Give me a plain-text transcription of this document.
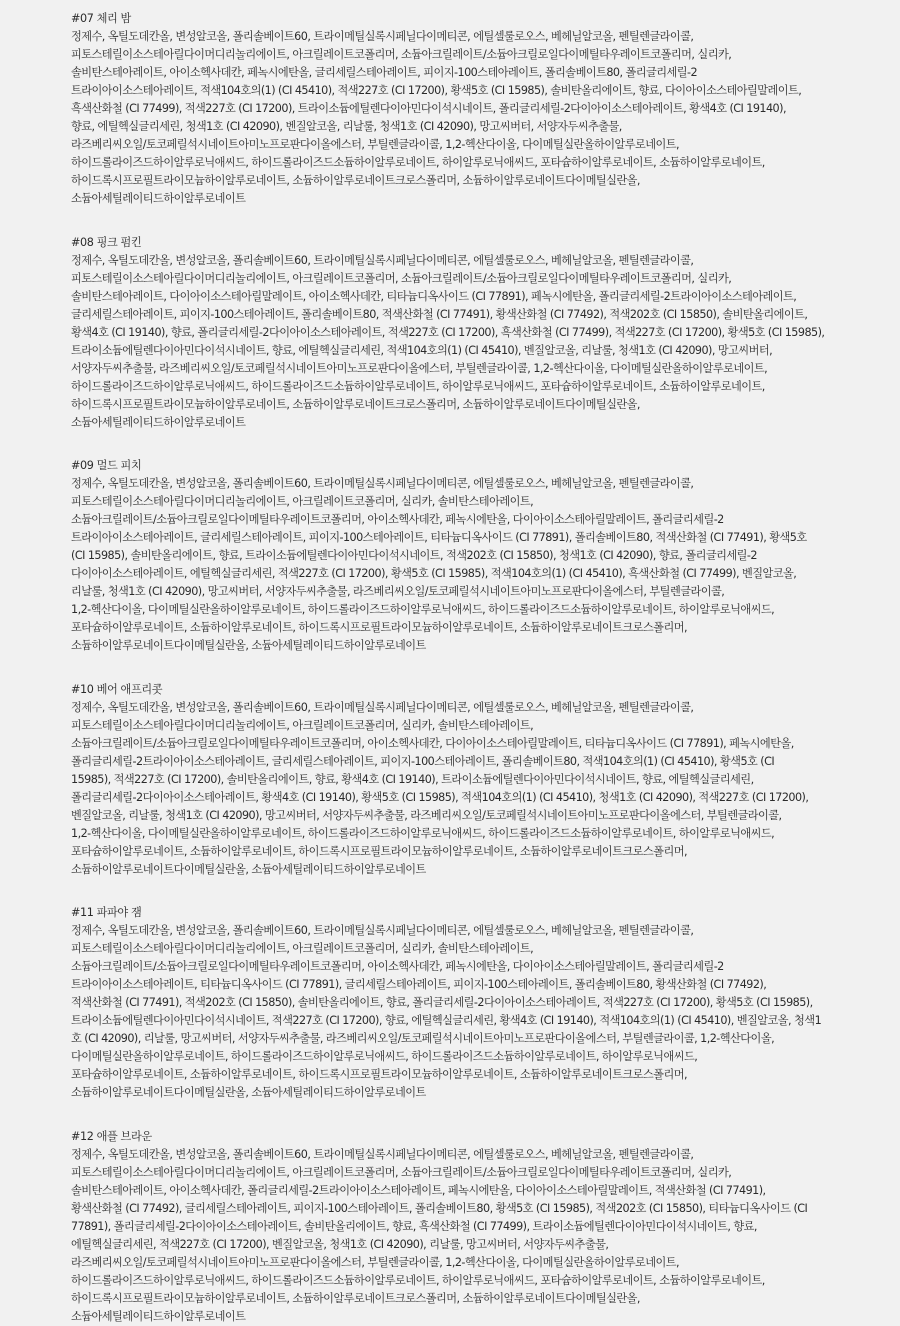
#07 체리 밤

정제수, 옥틸도데칸올, 변성알코올, 폴리솔베이트60, 트라이메틸실록시페닐다이메티콘, 에틸셀룰로오스, 베헤닐알코올, 펜틸렌글라이콜,

피토스테릴이소스테아릴다이머디리놀리에이트, 아크릴레이트코폴리머, 소듐아크릴레이트/소듐아크릴로일다이메틸타우레이트코폴리머, 실리카,

솔비탄스테아레이트, 아이소헥사데칸, 페녹시에탄올, 글리세릴스테아레이트, 피이지-100스테아레이트, 폴리솔베이트80, 폴리글리세릴-2

트라이아이소스테아레이트, 적색104호의(1) (CI 45410), 적색227호 (CI 17200), 황색5호 (CI 15985), 솔비탄올리에이트, 향료, 다이아이소스테아릴말레이트,

흑색산화철 (CI 77499), 적색227호 (CI 17200), 트라이소듐에틸렌다이아민다이석시네이트, 폴리글리세릴-2다이아이소스테아레이트, 황색4호 (CI 19140),

향료, 에틸헥실글리세린, 청색1호 (CI 42090), 벤질알코올, 리날룰, 청색1호 (CI 42090), 망고씨버터, 서양자두씨추출물,

라즈베리씨오일/토코페릴석시네이트아미노프로판다이올에스터, 부틸렌글라이콜, 1,2-헥산다이올, 다이메틸실란올하이알루로네이트,

하이드롤라이즈드하이알루로닉애씨드, 하이드롤라이즈드소듐하이알루로네이트, 하이알루로닉애씨드, 포타슘하이알루로네이트, 소듐하이알루로네이트,

하이드록시프로필트라이모늄하이알루로네이트, 소듐하이알루로네이트크로스폴리머, 소듐하이알루로네이트다이메틸실란올,

소듐아세틸레이티드하이알루로네이트

#08 핑크 펌킨

정제수, 옥틸도데칸올, 변성알코올, 폴리솔베이트60, 트라이메틸실록시페닐다이메티콘, 에틸셀룰로오스, 베헤닐알코올, 펜틸렌글라이콜,

피토스테릴이소스테아릴다이머디리놀리에이트, 아크릴레이트코폴리머, 소듐아크릴레이트/소듐아크릴로일다이메틸타우레이트코폴리머, 실리카,

솔비탄스테아레이트, 다이아이소스테아릴말레이트, 아이소헥사데칸, 티타늄디옥사이드 (CI 77891), 페녹시에탄올, 폴리글리세릴-2트라이아이소스테아레이트,

글리세릴스테아레이트, 피이지-100스테아레이트, 폴리솔베이트80, 적색산화철 (CI 77491), 황색산화철 (CI 77492), 적색202호 (CI 15850), 솔비탄올리에이트,

황색4호 (CI 19140), 향료, 폴리글리세릴-2다이아이소스테아레이트, 적색227호 (CI 17200), 흑색산화철 (CI 77499), 적색227호 (CI 17200), 황색5호 (CI 15985),

트라이소듐에틸렌다이아민다이석시네이트, 향료, 에틸헥실글리세린, 적색104호의(1) (CI 45410), 벤질알코올, 리날룰, 청색1호 (CI 42090), 망고씨버터,

서양자두씨추출물, 라즈베리씨오일/토코페릴석시네이트아미노프로판다이올에스터, 부틸렌글라이콜, 1,2-헥산다이올, 다이메틸실란올하이알루로네이트,

하이드롤라이즈드하이알루로닉애씨드, 하이드롤라이즈드소듐하이알루로네이트, 하이알루로닉애씨드, 포타슘하이알루로네이트, 소듐하이알루로네이트,

하이드록시프로필트라이모늄하이알루로네이트, 소듐하이알루로네이트크로스폴리머, 소듐하이알루로네이트다이메틸실란올,

소듐아세틸레이티드하이알루로네이트

#09 멀드 피치

정제수, 옥틸도데칸올, 변성알코올, 폴리솔베이트60, 트라이메틸실록시페닐다이메티콘, 에틸셀룰로오스, 베헤닐알코올, 펜틸렌글라이콜,

피토스테릴이소스테아릴다이머디리놀리에이트, 아크릴레이트코폴리머, 실리카, 솔비탄스테아레이트,

소듐아크릴레이트/소듐아크릴로일다이메틸타우레이트코폴리머, 아이소헥사데칸, 페녹시에탄올, 다이아이소스테아릴말레이트, 폴리글리세릴-2

트라이아이소스테아레이트, 글리세릴스테아레이트, 피이지-100스테아레이트, 티타늄디옥사이드 (CI 77891), 폴리솔베이트80, 적색산화철 (CI 77491), 황색5호

(CI 15985), 솔비탄올리에이트, 향료, 트라이소듐에틸렌다이아민다이석시네이트, 적색202호 (CI 15850), 청색1호 (CI 42090), 향료, 폴리글리세릴-2

다이아이소스테아레이트, 에틸헥실글리세린, 적색227호 (CI 17200), 황색5호 (CI 15985), 적색104호의(1) (CI 45410), 흑색산화철 (CI 77499), 벤질알코올,

리날룰, 청색1호 (CI 42090), 망고씨버터, 서양자두씨추출물, 라즈베리씨오일/토코페릴석시네이트아미노프로판다이올에스터, 부틸렌글라이콜,

1,2-헥산다이올, 다이메틸실란올하이알루로네이트, 하이드롤라이즈드하이알루로닉애씨드, 하이드롤라이즈드소듐하이알루로네이트, 하이알루로닉애씨드,

포타슘하이알루로네이트, 소듐하이알루로네이트, 하이드록시프로필트라이모늄하이알루로네이트, 소듐하이알루로네이트크로스폴리머,

소듐하이알루로네이트다이메틸실란올, 소듐아세틸레이티드하이알루로네이트

#10 베어 애프리콧

정제수, 옥틸도데칸올, 변성알코올, 폴리솔베이트60, 트라이메틸실록시페닐다이메티콘, 에틸셀룰로오스, 베헤닐알코올, 펜틸렌글라이콜,

피토스테릴이소스테아릴다이머디리놀리에이트, 아크릴레이트코폴리머, 실리카, 솔비탄스테아레이트,

소듐아크릴레이트/소듐아크릴로일다이메틸타우레이트코폴리머, 아이소헥사데칸, 다이아이소스테아릴말레이트, 티타늄디옥사이드 (CI 77891), 페녹시에탄올,

폴리글리세릴-2트라이아이소스테아레이트, 글리세릴스테아레이트, 피이지-100스테아레이트, 폴리솔베이트80, 적색104호의(1) (CI 45410), 황색5호 (CI

15985), 적색227호 (CI 17200), 솔비탄올리에이트, 향료, 황색4호 (CI 19140), 트라이소듐에틸렌다이아민다이석시네이트, 향료, 에틸헥실글리세린,

폴리글리세릴-2다이아이소스테아레이트, 황색4호 (CI 19140), 황색5호 (CI 15985), 적색104호의(1) (CI 45410), 청색1호 (CI 42090), 적색227호 (CI 17200),

벤질알코올, 리날룰, 청색1호 (CI 42090), 망고씨버터, 서양자두씨추출물, 라즈베리씨오일/토코페릴석시네이트아미노프로판다이올에스터, 부틸렌글라이콜,

1,2-헥산다이올, 다이메틸실란올하이알루로네이트, 하이드롤라이즈드하이알루로닉애씨드, 하이드롤라이즈드소듐하이알루로네이트, 하이알루로닉애씨드,

포타슘하이알루로네이트, 소듐하이알루로네이트, 하이드록시프로필트라이모늄하이알루로네이트, 소듐하이알루로네이트크로스폴리머,

소듐하이알루로네이트다이메틸실란올, 소듐아세틸레이티드하이알루로네이트

#11 파파야 잼

정제수, 옥틸도데칸올, 변성알코올, 폴리솔베이트60, 트라이메틸실록시페닐다이메티콘, 에틸셀룰로오스, 베헤닐알코올, 펜틸렌글라이콜,

피토스테릴이소스테아릴다이머디리놀리에이트, 아크릴레이트코폴리머, 실리카, 솔비탄스테아레이트,

소듐아크릴레이트/소듐아크릴로일다이메틸타우레이트코폴리머, 아이소헥사데칸, 페녹시에탄올, 다이아이소스테아릴말레이트, 폴리글리세릴-2

트라이아이소스테아레이트, 티타늄디옥사이드 (CI 77891), 글리세릴스테아레이트, 피이지-100스테아레이트, 폴리솔베이트80, 황색산화철 (CI 77492),

적색산화철 (CI 77491), 적색202호 (CI 15850), 솔비탄올리에이트, 향료, 폴리글리세릴-2다이아이소스테아레이트, 적색227호 (CI 17200), 황색5호 (CI 15985),

트라이소듐에틸렌다이아민다이석시네이트, 적색227호 (CI 17200), 향료, 에틸헥실글리세린, 황색4호 (CI 19140), 적색104호의(1) (CI 45410), 벤질알코올, 청색1

호 (CI 42090), 리날룰, 망고씨버터, 서양자두씨추출물, 라즈베리씨오일/토코페릴석시네이트아미노프로판다이올에스터, 부틸렌글라이콜, 1,2-헥산다이올,

다이메틸실란올하이알루로네이트, 하이드롤라이즈드하이알루로닉애씨드, 하이드롤라이즈드소듐하이알루로네이트, 하이알루로닉애씨드,

포타슘하이알루로네이트, 소듐하이알루로네이트, 하이드록시프로필트라이모늄하이알루로네이트, 소듐하이알루로네이트크로스폴리머,

소듐하이알루로네이트다이메틸실란올, 소듐아세틸레이티드하이알루로네이트

#12 애플 브라운

정제수, 옥틸도데칸올, 변성알코올, 폴리솔베이트60, 트라이메틸실록시페닐다이메티콘, 에틸셀룰로오스, 베헤닐알코올, 펜틸렌글라이콜,

피토스테릴이소스테아릴다이머디리놀리에이트, 아크릴레이트코폴리머, 소듐아크릴레이트/소듐아크릴로일다이메틸타우레이트코폴리머, 실리카,

솔비탄스테아레이트, 아이소헥사데칸, 폴리글리세릴-2트라이아이소스테아레이트, 페녹시에탄올, 다이아이소스테아릴말레이트, 적색산화철 (CI 77491),

황색산화철 (CI 77492), 글리세릴스테아레이트, 피이지-100스테아레이트, 폴리솔베이트80, 황색5호 (CI 15985), 적색202호 (CI 15850), 티타늄디옥사이드 (CI

77891), 폴리글리세릴-2다이아이소스테아레이트, 솔비탄올리에이트, 향료, 흑색산화철 (CI 77499), 트라이소듐에틸렌다이아민다이석시네이트, 향료,

에틸헥실글리세린, 적색227호 (CI 17200), 벤질알코올, 청색1호 (CI 42090), 리날룰, 망고씨버터, 서양자두씨추출물,

라즈베리씨오일/토코페릴석시네이트아미노프로판다이올에스터, 부틸렌글라이콜, 1,2-헥산다이올, 다이메틸실란올하이알루로네이트,

하이드롤라이즈드하이알루로닉애씨드, 하이드롤라이즈드소듐하이알루로네이트, 하이알루로닉애씨드, 포타슘하이알루로네이트, 소듐하이알루로네이트,

하이드록시프로필트라이모늄하이알루로네이트, 소듐하이알루로네이트크로스폴리머, 소듐하이알루로네이트다이메틸실란올,

소듐아세틸레이티드하이알루로네이트
